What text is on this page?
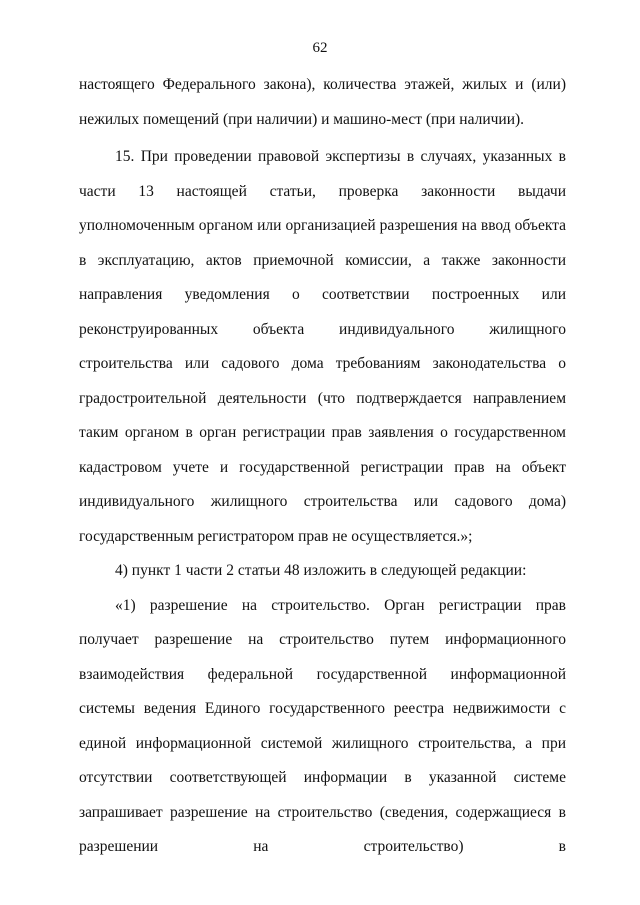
62

настоящего Федерального закона), количества этажей, жилых и (или) нежилых помещений (при наличии) и машино-мест (при наличии).

15. При проведении правовой экспертизы в случаях, указанных в части 13 настоящей статьи, проверка законности выдачи уполномоченным органом или организацией разрешения на ввод объекта в эксплуатацию, актов приемочной комиссии, а также законности направления уведомления о соответствии построенных или реконструированных объекта индивидуального жилищного строительства или садового дома требованиям законодательства о градостроительной деятельности (что подтверждается направлением таким органом в орган регистрации прав заявления о государственном кадастровом учете и государственной регистрации прав на объект индивидуального жилищного строительства или садового дома) государственным регистратором прав не осуществляется.»;

4) пункт 1 части 2 статьи 48 изложить в следующей редакции:

«1) разрешение на строительство. Орган регистрации прав получает разрешение на строительство путем информационного взаимодействия федеральной государственной информационной системы ведения Единого государственного реестра недвижимости с единой информационной системой жилищного строительства, а при отсутствии соответствующей информации в указанной системе запрашивает разрешение на строительство (сведения, содержащиеся в разрешении на строительство) в
